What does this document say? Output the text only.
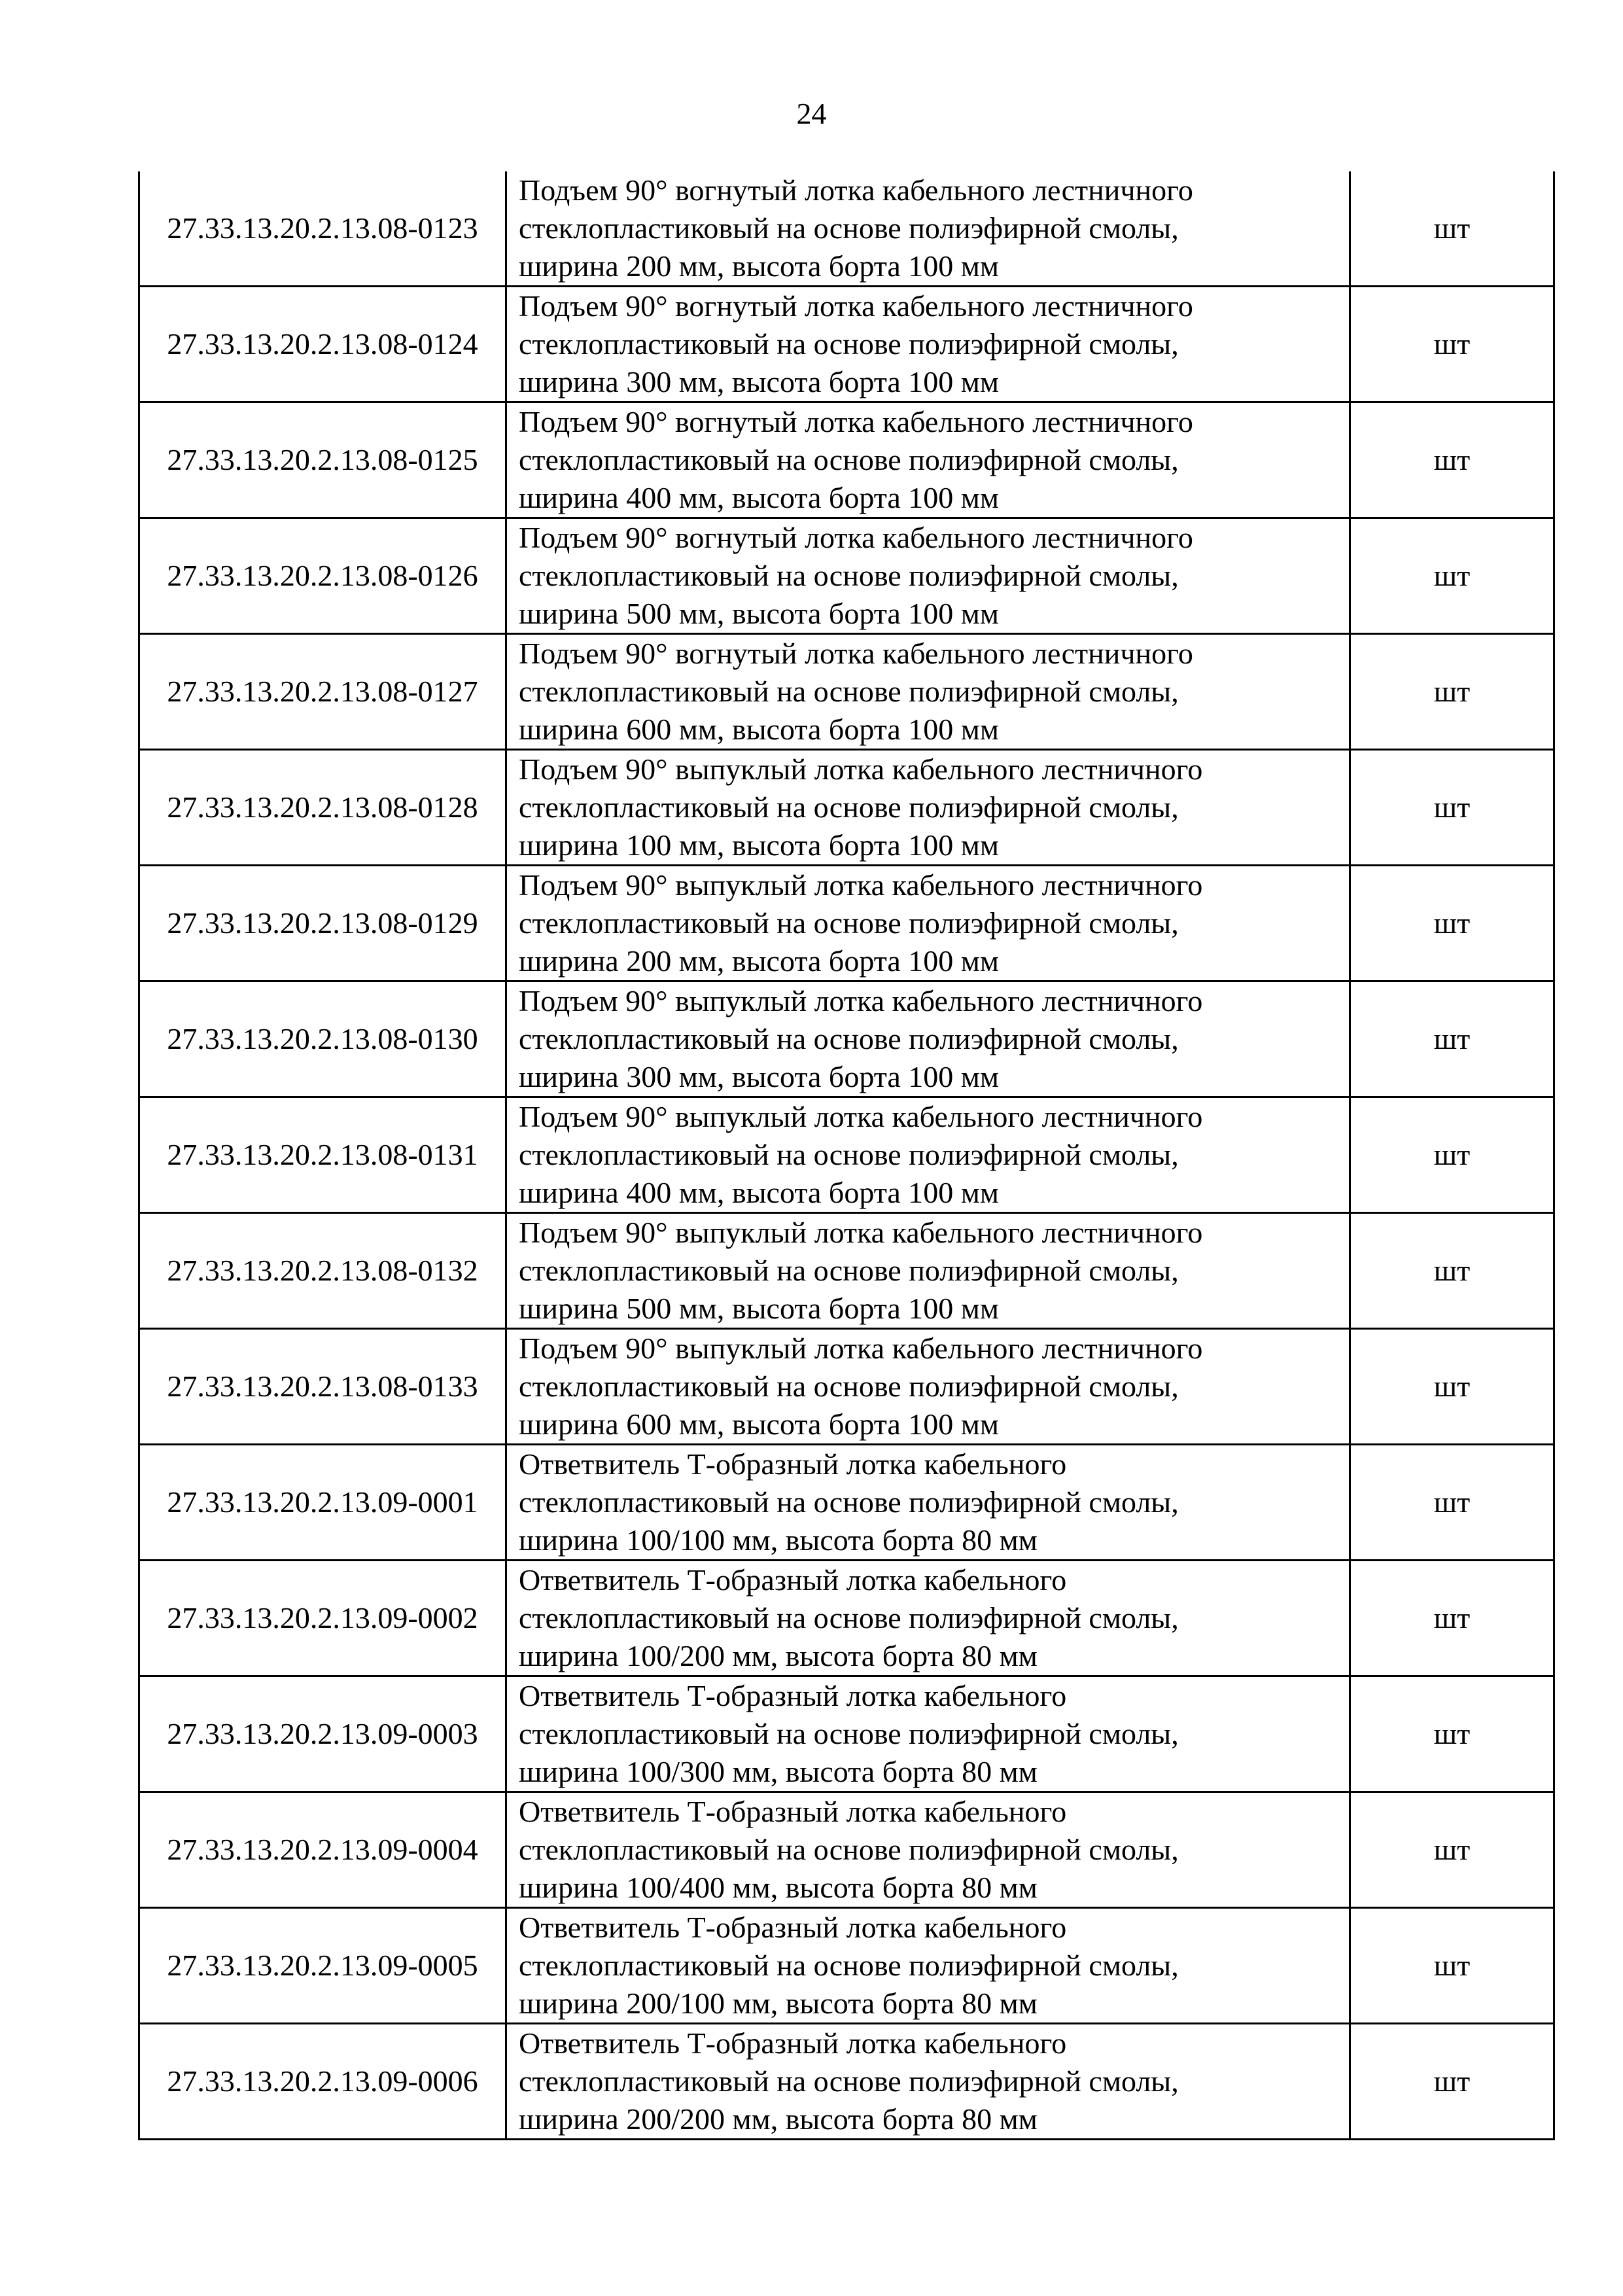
24
27.33.13.20.2.13.08-0123	Подъем 90° вогнутый лотка кабельного лестничного
стеклопластиковый на основе полиэфирной смолы,
ширина 200 мм, высота борта 100 мм	шт
27.33.13.20.2.13.08-0124	Подъем 90° вогнутый лотка кабельного лестничного
стеклопластиковый на основе полиэфирной смолы,
ширина 300 мм, высота борта 100 мм	шт
27.33.13.20.2.13.08-0125	Подъем 90° вогнутый лотка кабельного лестничного
стеклопластиковый на основе полиэфирной смолы,
ширина 400 мм, высота борта 100 мм	шт
27.33.13.20.2.13.08-0126	Подъем 90° вогнутый лотка кабельного лестничного
стеклопластиковый на основе полиэфирной смолы,
ширина 500 мм, высота борта 100 мм	шт
27.33.13.20.2.13.08-0127	Подъем 90° вогнутый лотка кабельного лестничного
стеклопластиковый на основе полиэфирной смолы,
ширина 600 мм, высота борта 100 мм	шт
27.33.13.20.2.13.08-0128	Подъем 90° выпуклый лотка кабельного лестничного
стеклопластиковый на основе полиэфирной смолы,
ширина 100 мм, высота борта 100 мм	шт
27.33.13.20.2.13.08-0129	Подъем 90° выпуклый лотка кабельного лестничного
стеклопластиковый на основе полиэфирной смолы,
ширина 200 мм, высота борта 100 мм	шт
27.33.13.20.2.13.08-0130	Подъем 90° выпуклый лотка кабельного лестничного
стеклопластиковый на основе полиэфирной смолы,
ширина 300 мм, высота борта 100 мм	шт
27.33.13.20.2.13.08-0131	Подъем 90° выпуклый лотка кабельного лестничного
стеклопластиковый на основе полиэфирной смолы,
ширина 400 мм, высота борта 100 мм	шт
27.33.13.20.2.13.08-0132	Подъем 90° выпуклый лотка кабельного лестничного
стеклопластиковый на основе полиэфирной смолы,
ширина 500 мм, высота борта 100 мм	шт
27.33.13.20.2.13.08-0133	Подъем 90° выпуклый лотка кабельного лестничного
стеклопластиковый на основе полиэфирной смолы,
ширина 600 мм, высота борта 100 мм	шт
27.33.13.20.2.13.09-0001	Ответвитель Т-образный лотка кабельного
стеклопластиковый на основе полиэфирной смолы,
ширина 100/100 мм, высота борта 80 мм	шт
27.33.13.20.2.13.09-0002	Ответвитель Т-образный лотка кабельного
стеклопластиковый на основе полиэфирной смолы,
ширина 100/200 мм, высота борта 80 мм	шт
27.33.13.20.2.13.09-0003	Ответвитель Т-образный лотка кабельного
стеклопластиковый на основе полиэфирной смолы,
ширина 100/300 мм, высота борта 80 мм	шт
27.33.13.20.2.13.09-0004	Ответвитель Т-образный лотка кабельного
стеклопластиковый на основе полиэфирной смолы,
ширина 100/400 мм, высота борта 80 мм	шт
27.33.13.20.2.13.09-0005	Ответвитель Т-образный лотка кабельного
стеклопластиковый на основе полиэфирной смолы,
ширина 200/100 мм, высота борта 80 мм	шт
27.33.13.20.2.13.09-0006	Ответвитель Т-образный лотка кабельного
стеклопластиковый на основе полиэфирной смолы,
ширина 200/200 мм, высота борта 80 мм	шт
